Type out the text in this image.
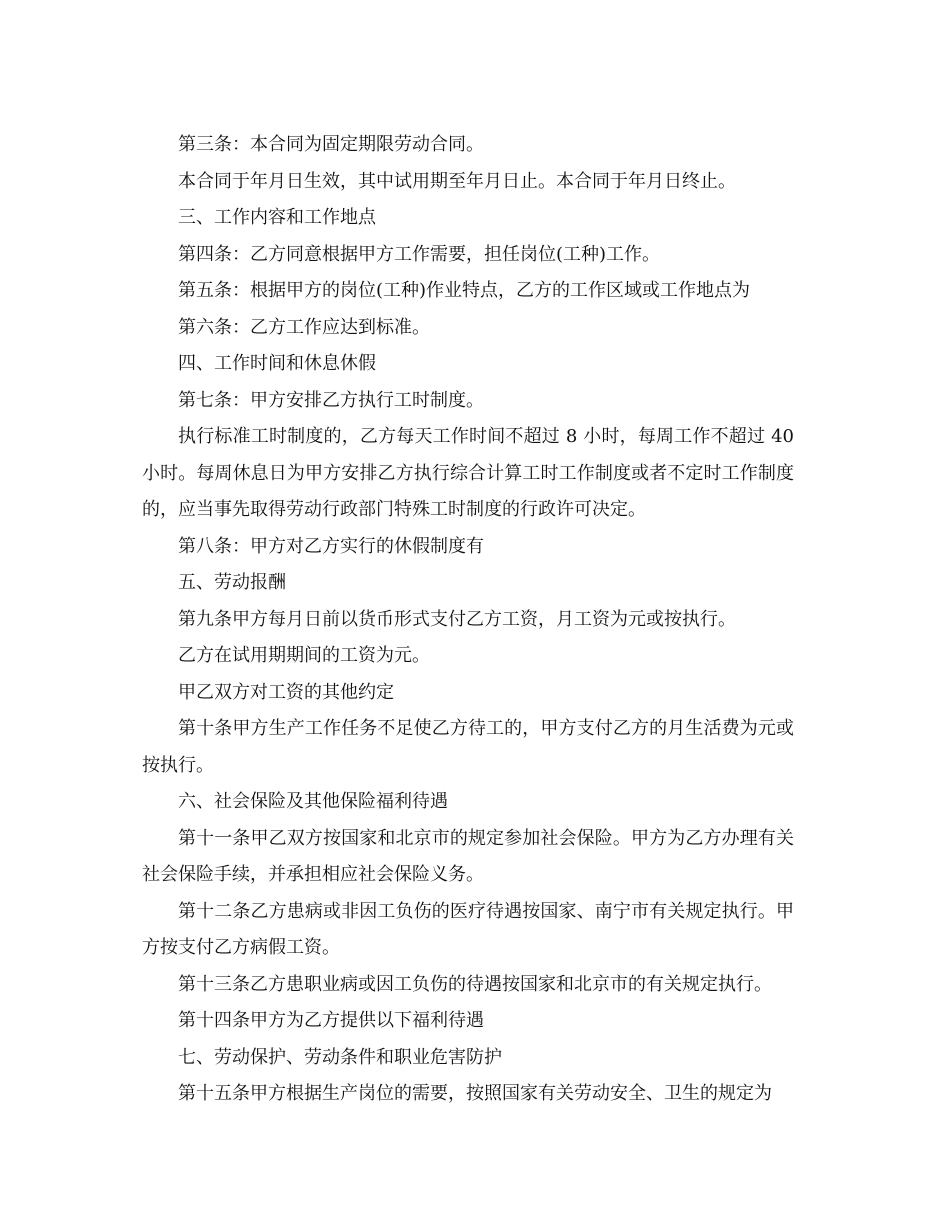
第三条：本合同为固定期限劳动合同。

本合同于年月日生效，其中试用期至年月日止。本合同于年月日终止。

三、工作内容和工作地点

第四条：乙方同意根据甲方工作需要，担任岗位(工种)工作。

第五条：根据甲方的岗位(工种)作业特点，乙方的工作区域或工作地点为

第六条：乙方工作应达到标准。

四、工作时间和休息休假

第七条：甲方安排乙方执行工时制度。

执行标准工时制度的，乙方每天工作时间不超过 8 小时，每周工作不超过 40 小时。每周休息日为甲方安排乙方执行综合计算工时工作制度或者不定时工作制度的，应当事先取得劳动行政部门特殊工时制度的行政许可决定。

第八条：甲方对乙方实行的休假制度有

五、劳动报酬

第九条甲方每月日前以货币形式支付乙方工资，月工资为元或按执行。

乙方在试用期期间的工资为元。

甲乙双方对工资的其他约定

第十条甲方生产工作任务不足使乙方待工的，甲方支付乙方的月生活费为元或按执行。

六、社会保险及其他保险福利待遇

第十一条甲乙双方按国家和北京市的规定参加社会保险。甲方为乙方办理有关社会保险手续，并承担相应社会保险义务。

第十二条乙方患病或非因工负伤的医疗待遇按国家、南宁市有关规定执行。甲方按支付乙方病假工资。

第十三条乙方患职业病或因工负伤的待遇按国家和北京市的有关规定执行。

第十四条甲方为乙方提供以下福利待遇

七、劳动保护、劳动条件和职业危害防护

第十五条甲方根据生产岗位的需要，按照国家有关劳动安全、卫生的规定为
